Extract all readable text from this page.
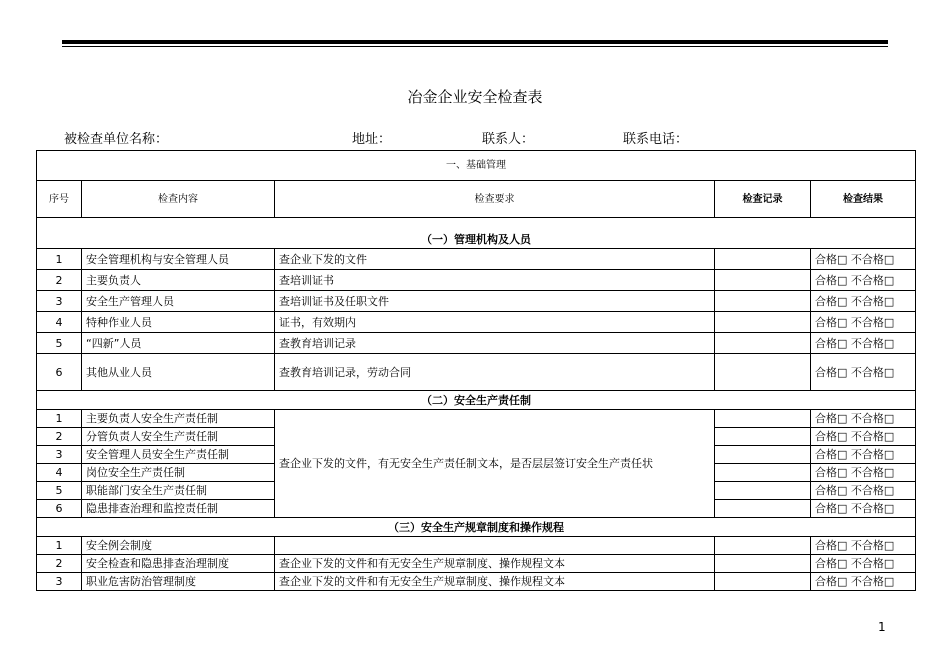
冶金企业安全检查表
被检查单位名称：	地址：	联系人：	联系电话：
一、基础管理				
序号	检查内容	检查要求	检查记录	检查结果
（一）管理机构及人员				
1	安全管理机构与安全管理人员	查企业下发的文件		合格□ 不合格□
2	主要负责人	查培训证书		合格□ 不合格□
3	安全生产管理人员	查培训证书及任职文件		合格□ 不合格□
4	特种作业人员	证书，有效期内		合格□ 不合格□
5	“四新”人员	查教育培训记录		合格□ 不合格□
6	其他从业人员	查教育培训记录，劳动合同		合格□ 不合格□
（二）安全生产责任制				
1	主要负责人安全生产责任制	查企业下发的文件，有无安全生产责任制文本，是否层层签订安全生产责任状		合格□ 不合格□
2	分管负责人安全生产责任制			合格□ 不合格□
3	安全管理人员安全生产责任制			合格□ 不合格□
4	岗位安全生产责任制			合格□ 不合格□
5	职能部门安全生产责任制			合格□ 不合格□
6	隐患排查治理和监控责任制			合格□ 不合格□
（三）安全生产规章制度和操作规程				
1	安全例会制度			合格□ 不合格□
2	安全检查和隐患排查治理制度	查企业下发的文件和有无安全生产规章制度、操作规程文本		合格□ 不合格□
3	职业危害防治管理制度	查企业下发的文件和有无安全生产规章制度、操作规程文本		合格□ 不合格□
1
